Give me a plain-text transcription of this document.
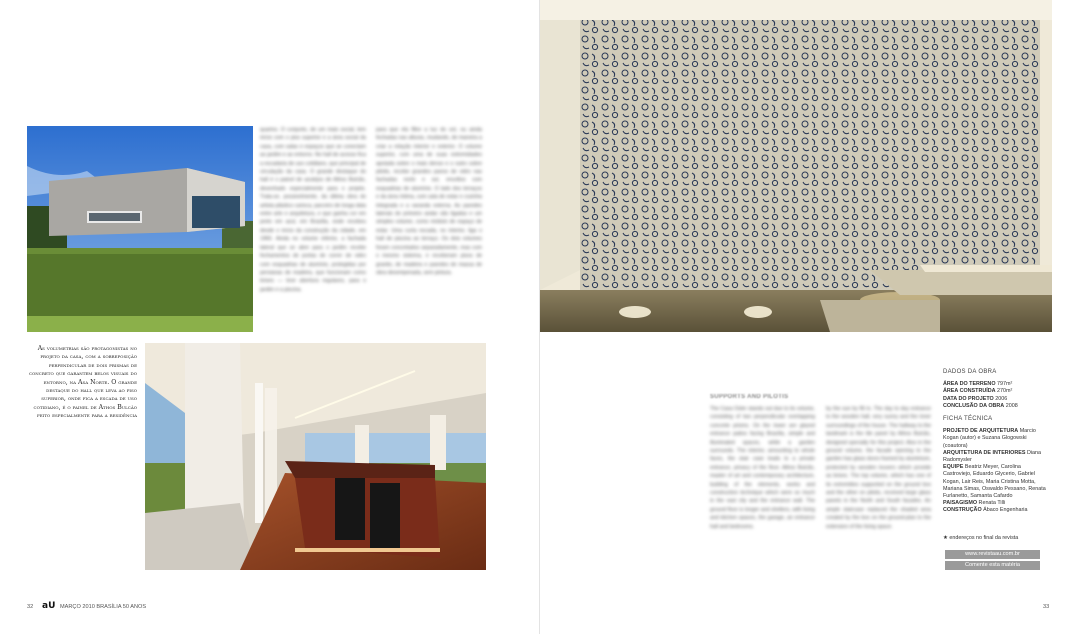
quartos. O conjunto, de um mais social, tem início com o piso superior e a área social da casa, com salas e espaços que se conectam ao jardim e ao entorno. No hall de acesso fica a escadaria de uso cotidiano, que principal de circulação da casa. O grande destaque do hall é o painel de azulejos de Athos Bulcão, desenhado especialmente para o projeto. Trata-se, possivelmente, da última obra do artista plástico carioca, parceiro de longa data entre arte e arquitetura, e que ganha cor em preto em azul, em Brasília, onde recebeu desde o início da construção da cidade, em 1960. Ainda no volume inferior, a fachada lateral que se abre para o jardim recebe fechamentos de portas de correr de vidro com esquadrias de alumínio, protegidas por persianas de madeira, que funcionam como brises — leve abertura regulares, para o jardim e a piscina.

para que ela filtre a luz do sol, ou ainda fechadas nas alturas, mudando, de maneira a criar a relação interior e exterior. O volume superior, com uma de suas extremidades apoiada sobre o mais denso e o outro sobre pilotis, recebe grandes panos de vidro nas fachadas norte e sul, envoltos com esquadrias de alumínio. O lado dos terraços e da área íntima, com sala de estar e cozinha integrada e a varanda externa. As paredes laterais do primeiro andar são ligadas e um simples volume, como módulo de espaço de estar. Uma curta escada, no interior, liga o hall de piscina ao terraço. Os dois volumes foram concretados separadamente, mas com o mesmo sistema, e receberam pisos de granito, de madeira e paredes de massa de obra desempenada, sem pintura.

As volumetrias são protagonistas no projeto da casa, com a sobreposição perpendicular de dois prismas de concreto que garantem belos visuais do entorno, na Asa Norte. O grande destaque do hall que leva ao piso superior, onde fica a escada de uso cotidiano, é o painel de Athos Bulcão feito especialmente para a residência
SUPPORTS AND PILOTIS

The Casa Osler stands out due to its volume, consisting of two perpendicular overlapping concrete prisms. On the lower are glazed entrance patios facing Brasília, simple and illuminated spaces, while a garden surrounds. The interior, amounting to whole faces, the stair case leads to a private entrance, privacy of the floor. Athos Bulcão, master of art and contemporary architecture, building of the elements, works and construction technique which were so much in the vast city and the entrance wall. The ground floor is longer and shelters, with living and kitchen spaces, the garage, an entrance hall and bedrooms.

by the sun by flit in. The day to day entrance to the wooden hall, very sunny and the inner surroundings of the house. The hallway to the landmark is the tile panel by Athos Bulcão, designed specially for this project. Also in the ground volume, the facade opening to the garden has glass doors framed by aluminium, protected by wooden louvers which provide as brises. The top volume, which has one of its extremities supported on the ground box and the other on pilotis, received large glass panels in the North and South facades. An ample staircase replaced the shaded area created by the box on the ground-plan to the extension of the living space.

DADOS DA OBRA
ÁREA DO TERRENO 797m²
ÁREA CONSTRUÍDA 270m²
DATA DO PROJETO 2006
CONCLUSÃO DA OBRA 2008
FICHA TÉCNICA
PROJETO DE ARQUITETURA Marcio Kogan (autor) e Suzana Glogowski (coautora)
ARQUITETURA DE INTERIORES Diana Radomysler
EQUIPE Beatriz Meyer, Carolina Castroviejo, Eduardo Glycerio, Gabriel Kogan, Lair Reis, Maria Cristina Motta, Mariana Simas, Oswaldo Pessano, Renata Furlanetto, Samanta Cafardo
PAISAGISMO Renata Tilli
CONSTRUÇÃO Ábaco Engenharia
★ endereços no final da revista
www.revistaau.com.br
Comente esta matéria
32 aU MARÇO 2010 BRASÍLIA 50 ANOS	33
